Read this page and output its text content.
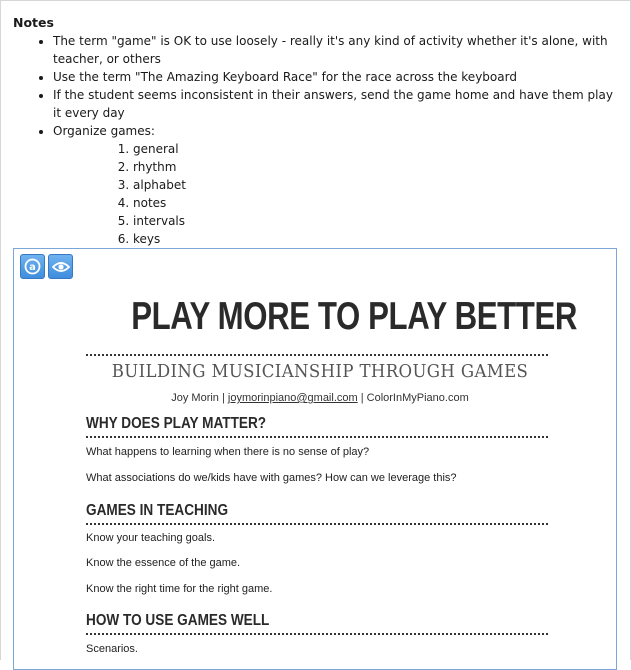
Notes

• The term "game" is OK to use loosely - really it's any kind of activity whether it's alone, with teacher, or others
• Use the term "The Amazing Keyboard Race" for the race across the keyboard
• If the student seems inconsistent in their answers, send the game home and have them play it every day
• Organize games:
1. general
2. rhythm
3. alphabet
4. notes
5. intervals
6. keys
a
PLAY MORE TO PLAY BETTER
BUILDING MUSICIANSHIP THROUGH GAMES
Joy Morin | joymorinpiano@gmail.com | ColorInMyPiano.com
WHY DOES PLAY MATTER?
What happens to learning when there is no sense of play?
What associations do we/kids have with games? How can we leverage this?
GAMES IN TEACHING
Know your teaching goals.
Know the essence of the game.
Know the right time for the right game.
HOW TO USE GAMES WELL
Scenarios.
